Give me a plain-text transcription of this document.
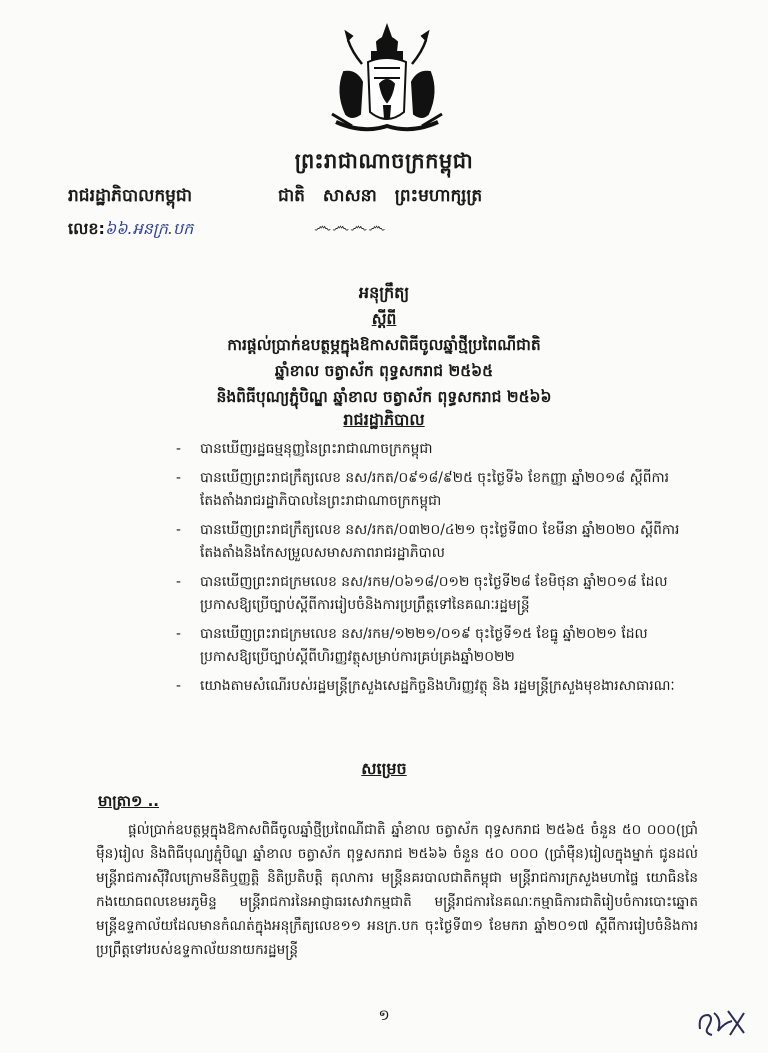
ព្រះរាជាណាចក្រកម្ពុជា
រាជរដ្ឋាភិបាលកម្ពុជា	ជាតិ សាសនា ព្រះមហាក្សត្រ
លេខ:៦៦.អនក្រ.បក	෴෴෴෴
អនុក្រឹត្យ
ស្តីពី
ការផ្តល់ប្រាក់ឧបត្ថម្ភក្នុងឱកាសពិធីចូលឆ្នាំថ្មីប្រពៃណីជាតិ
ឆ្នាំខាល ចត្វាស័ក ពុទ្ធសករាជ ២៥៦៥
និងពិធីបុណ្យភ្ជុំបិណ្ឌ ឆ្នាំខាល ចត្វាស័ក ពុទ្ធសករាជ ២៥៦៦
រាជរដ្ឋាភិបាល
- បានឃើញរដ្ឋធម្មនុញ្ញនៃព្រះរាជាណាចក្រកម្ពុជា
- បានឃើញព្រះរាជក្រឹត្យលេខ នស/រកត/០៩១៨/៩២៥ ចុះថ្ងៃទី៦ ខែកញ្ញា ឆ្នាំ២០១៨ ស្តីពីការតែងតាំងរាជរដ្ឋាភិបាលនៃព្រះរាជាណាចក្រកម្ពុជា
- បានឃើញព្រះរាជក្រឹត្យលេខ នស/រកត/០៣២០/៤២១ ចុះថ្ងៃទី៣០ ខែមីនា ឆ្នាំ២០២០ ស្តីពីការតែងតាំងនិងកែសម្រួលសមាសភាពរាជរដ្ឋាភិបាល
- បានឃើញព្រះរាជក្រមលេខ នស/រកម/០៦១៨/០១២ ចុះថ្ងៃទី២៨ ខែមិថុនា ឆ្នាំ២០១៨ ដែលប្រកាសឱ្យប្រើច្បាប់ស្តីពីការរៀបចំនិងការប្រព្រឹត្តទៅនៃគណៈរដ្ឋមន្ត្រី
- បានឃើញព្រះរាជក្រមលេខ នស/រកម/១២២១/០១៩ ចុះថ្ងៃទី១៥ ខែធ្នូ ឆ្នាំ២០២១ ដែលប្រកាសឱ្យប្រើច្បាប់ស្តីពីហិរញ្ញវត្ថុសម្រាប់ការគ្រប់គ្រងឆ្នាំ២០២២
- យោងតាមសំណើរបស់រដ្ឋមន្ត្រីក្រសួងសេដ្ឋកិច្ចនិងហិរញ្ញវត្ថុ និង រដ្ឋមន្ត្រីក្រសួងមុខងារសាធារណៈ
សម្រេច
មាត្រា១ ..

ផ្តល់ប្រាក់ឧបត្ថម្ភក្នុងឱកាសពិធីចូលឆ្នាំថ្មីប្រពៃណីជាតិ ឆ្នាំខាល ចត្វាស័ក ពុទ្ធសករាជ ២៥៦៥ ចំនួន ៥០ ០០០(ប្រាំម៉ឺន)រៀល និងពិធីបុណ្យភ្ជុំបិណ្ឌ ឆ្នាំខាល ចត្វាស័ក ពុទ្ធសករាជ ២៥៦៦ ចំនួន ៥០ ០០០ (ប្រាំម៉ឺន)រៀលក្នុងម្នាក់ ជូនដល់មន្ត្រីរាជការស៊ីវិលក្រោមនីតិឬញ្ញត្តិ និតិប្រតិបត្តិ តុលាការ មន្ត្រីនគរបាលជាតិកម្ពុជា មន្ត្រីរាជការក្រសួងមហាផ្ទៃ យោធិននៃកងយោធពលខេមរភូមិន្ទ មន្ត្រីរាជការនៃអាជ្ញាធរសេវាកម្មជាតិ មន្ត្រីរាជការនៃគណៈកម្មាធិការជាតិរៀបចំការបោះឆ្នោត មន្ត្រីឧទ្ទកាល័យដែលមានកំណត់ក្នុងអនុក្រឹត្យលេខ១១ អនក្រ.បក ចុះថ្ងៃទី៣១ ខែមករា ឆ្នាំ២០១៧ ស្តីពីការរៀបចំនិងការប្រព្រឹត្តទៅរបស់ឧទ្ទកាល័យនាយករដ្ឋមន្ត្រី

១
